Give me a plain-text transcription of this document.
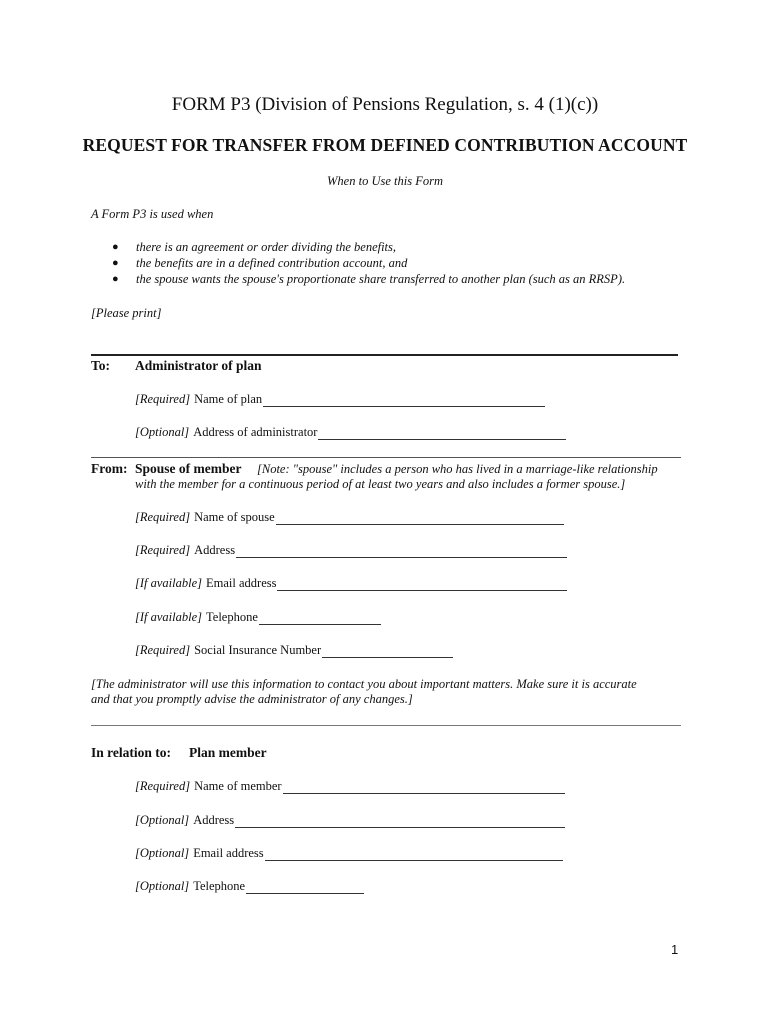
FORM P3 (Division of Pensions Regulation, s. 4 (1)(c))
REQUEST FOR TRANSFER FROM DEFINED CONTRIBUTION ACCOUNT
When to Use this Form
A Form P3 is used when
● there is an agreement or order dividing the benefits,
● the benefits are in a defined contribution account, and
● the spouse wants the spouse's proportionate share transferred to another plan (such as an RRSP).
[Please print]
To: Administrator of plan
[Required] Name of plan
[Optional] Address of administrator
From: Spouse of member [Note: "spouse" includes a person who has lived in a marriage-like relationship
with the member for a continuous period of at least two years and also includes a former spouse.]
[Required] Name of spouse
[Required] Address
[If available] Email address
[If available] Telephone
[Required] Social Insurance Number
[The administrator will use this information to contact you about important matters. Make sure it is accurate
and that you promptly advise the administrator of any changes.]
In relation to: Plan member
[Required] Name of member
[Optional] Address
[Optional] Email address
[Optional] Telephone
1
